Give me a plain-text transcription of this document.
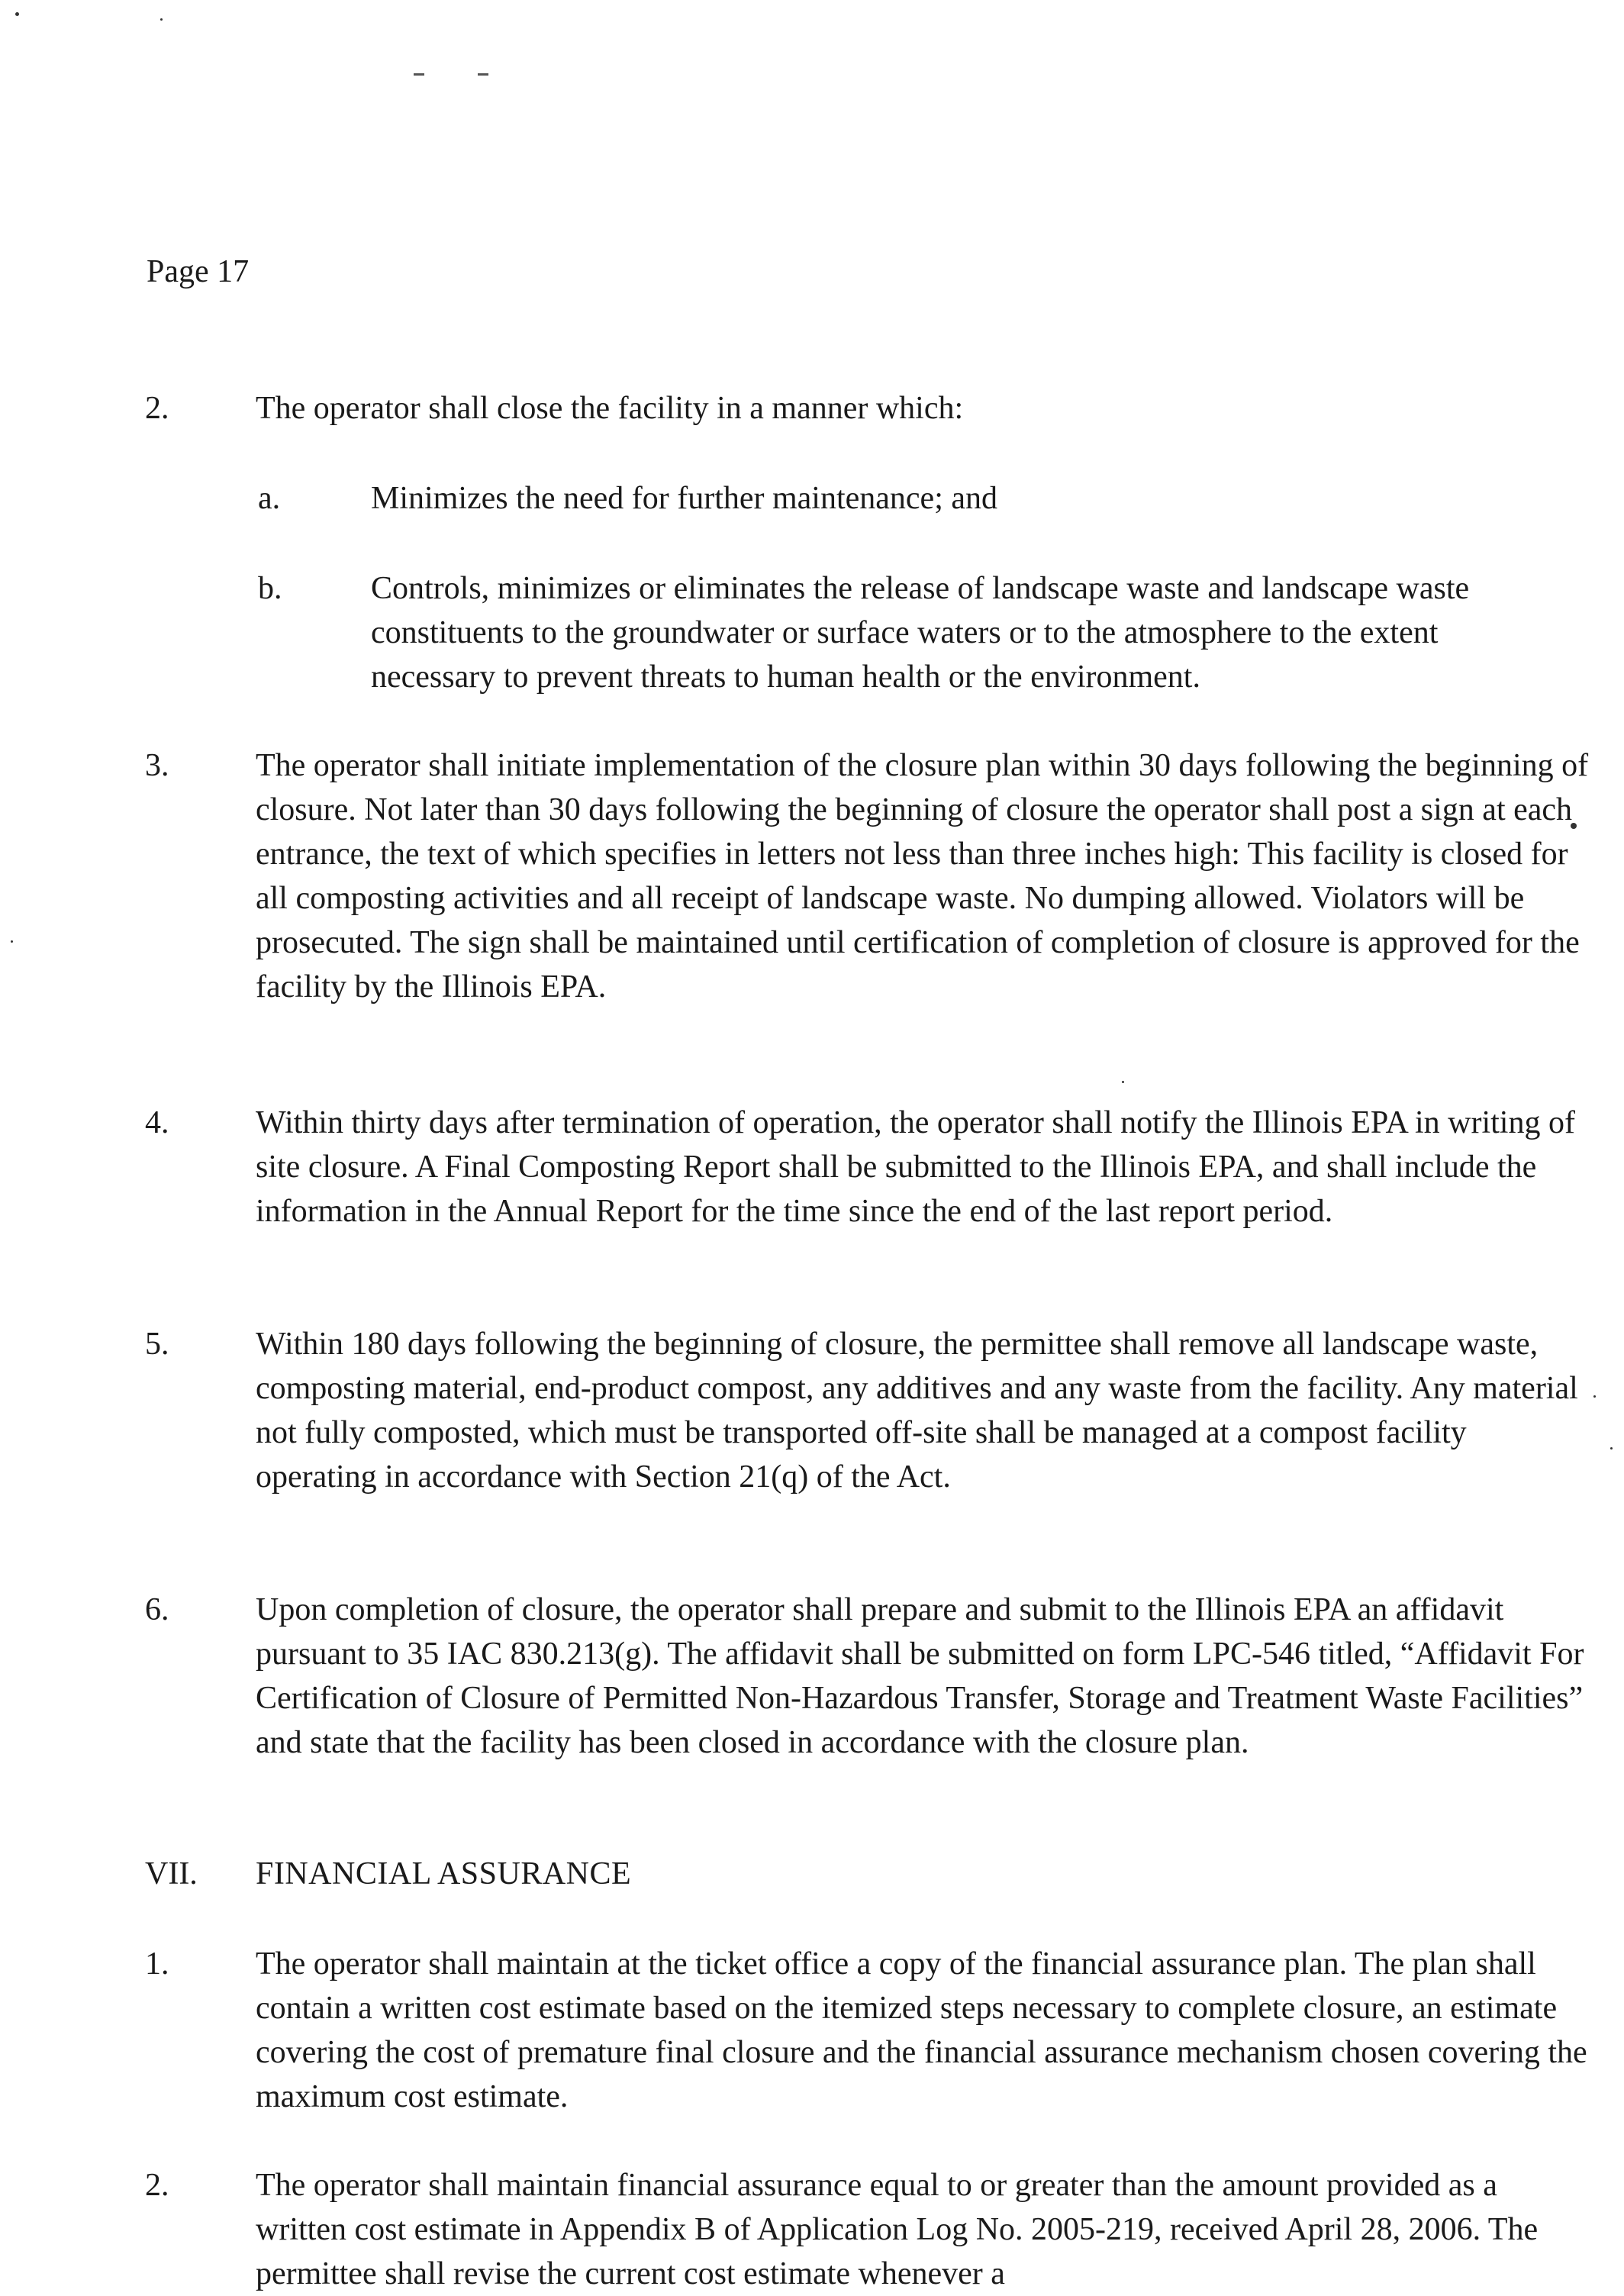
Page 17
2.	The operator shall close the facility in a manner which:
a.	Minimizes the need for further maintenance; and
b.	Controls, minimizes or eliminates the release of landscape waste and landscape waste constituents to the groundwater or surface waters or to the atmosphere to the extent necessary to prevent threats to human health or the environment.
3.	The operator shall initiate implementation of the closure plan within 30 days following the beginning of closure. Not later than 30 days following the beginning of closure the operator shall post a sign at each entrance, the text of which specifies in letters not less than three inches high: This facility is closed for all composting activities and all receipt of landscape waste. No dumping allowed. Violators will be prosecuted. The sign shall be maintained until certification of completion of closure is approved for the facility by the Illinois EPA.
4.	Within thirty days after termination of operation, the operator shall notify the Illinois EPA in writing of site closure. A Final Composting Report shall be submitted to the Illinois EPA, and shall include the information in the Annual Report for the time since the end of the last report period.
5.	Within 180 days following the beginning of closure, the permittee shall remove all landscape waste, composting material, end-product compost, any additives and any waste from the facility. Any material not fully composted, which must be transported off-site shall be managed at a compost facility operating in accordance with Section 21(q) of the Act.
6.	Upon completion of closure, the operator shall prepare and submit to the Illinois EPA an affidavit pursuant to 35 IAC 830.213(g). The affidavit shall be submitted on form LPC-546 titled, “Affidavit For Certification of Closure of Permitted Non-Hazardous Transfer, Storage and Treatment Waste Facilities” and state that the facility has been closed in accordance with the closure plan.
VII. FINANCIAL ASSURANCE
1.	The operator shall maintain at the ticket office a copy of the financial assurance plan. The plan shall contain a written cost estimate based on the itemized steps necessary to complete closure, an estimate covering the cost of premature final closure and the financial assurance mechanism chosen covering the maximum cost estimate.
2.	The operator shall maintain financial assurance equal to or greater than the amount provided as a written cost estimate in Appendix B of Application Log No. 2005-219, received April 28, 2006. The permittee shall revise the current cost estimate whenever a
